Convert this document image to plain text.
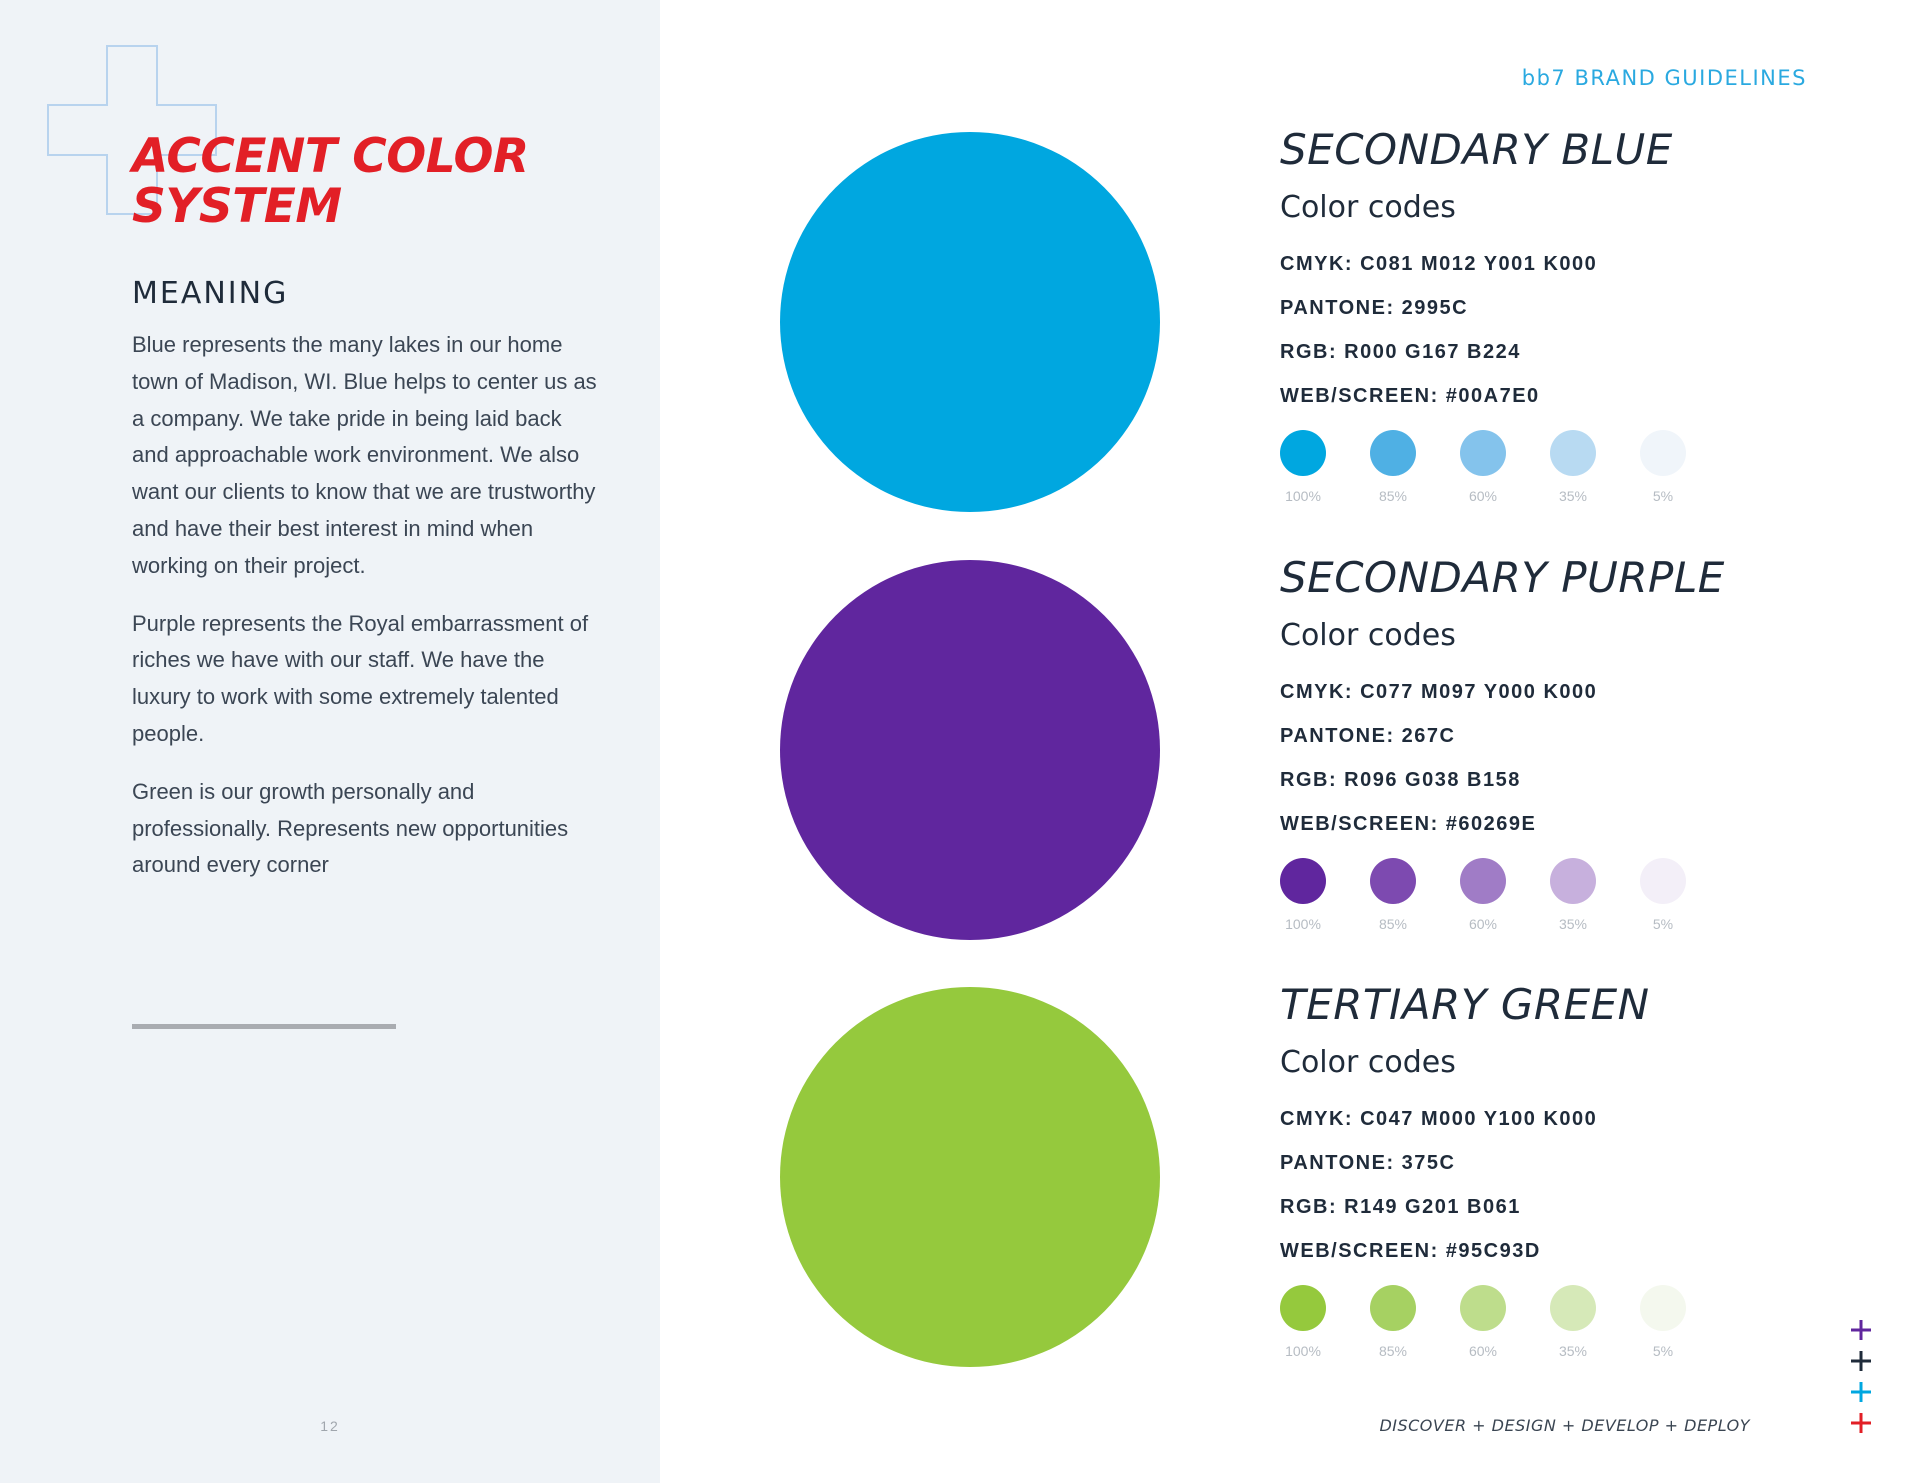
ACCENT COLOR
SYSTEM
MEANING

Blue represents the many lakes in our home town of Madison, WI. Blue helps to center us as a company. We take pride in being laid back and approachable work environment. We also want our clients to know that we are trustworthy and have their best interest in mind when working on their project.

Purple represents the Royal embarrassment of riches we have with our staff. We have the luxury to work with some extremely talented people.

Green is our growth personally and professionally. Represents new opportunities around every corner

12
bb7 BRAND GUIDELINES
SECONDARY BLUE
Color codes
CMYK: C081 M012 Y001 K000
PANTONE: 2995C
RGB: R000 G167 B224
WEB/SCREEN: #00A7E0
100%	85%	60%	35%	5%
SECONDARY PURPLE
Color codes
CMYK: C077 M097 Y000 K000
PANTONE: 267C
RGB: R096 G038 B158
WEB/SCREEN: #60269E
100%	85%	60%	35%	5%
TERTIARY GREEN
Color codes
CMYK: C047 M000 Y100 K000
PANTONE: 375C
RGB: R149 G201 B061
WEB/SCREEN: #95C93D
100%	85%	60%	35%	5%
DISCOVER + DESIGN + DEVELOP + DEPLOY
